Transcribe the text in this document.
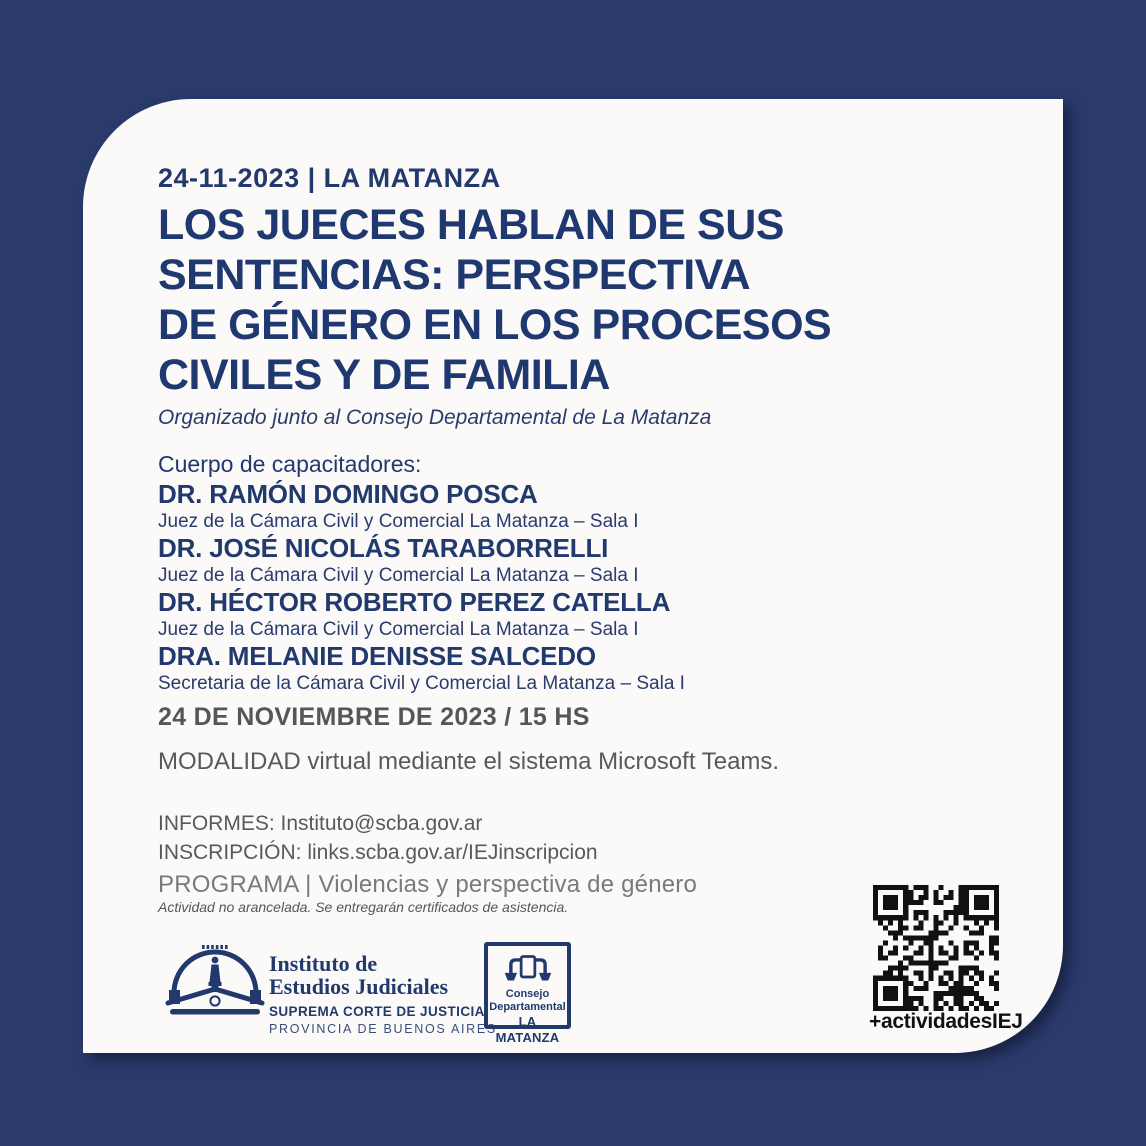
24-11-2023 | LA MATANZA
LOS JUECES HABLAN DE SUS
SENTENCIAS: PERSPECTIVA
DE GÉNERO EN LOS PROCESOS
CIVILES Y DE FAMILIA
Organizado junto al Consejo Departamental de La Matanza
Cuerpo de capacitadores:
DR. RAMÓN DOMINGO POSCA
Juez de la Cámara Civil y Comercial La Matanza – Sala I
DR. JOSÉ NICOLÁS TARABORRELLI
Juez de la Cámara Civil y Comercial La Matanza – Sala I
DR. HÉCTOR ROBERTO PEREZ CATELLA
Juez de la Cámara Civil y Comercial La Matanza – Sala I
DRA. MELANIE DENISSE SALCEDO
Secretaria de la Cámara Civil y Comercial La Matanza – Sala I
24 DE NOVIEMBRE DE 2023 / 15 HS
MODALIDAD virtual mediante el sistema Microsoft Teams.
INFORMES: Instituto@scba.gov.ar
INSCRIPCIÓN: links.scba.gov.ar/IEJinscripcion
PROGRAMA | Violencias y perspectiva de género
Actividad no arancelada. Se entregarán certificados de asistencia.
Instituto de
Estudios Judiciales
SUPREMA CORTE DE JUSTICIA
PROVINCIA DE BUENOS AIRES
Consejo
Departamental
LA MATANZA
+actividadesIEJ
